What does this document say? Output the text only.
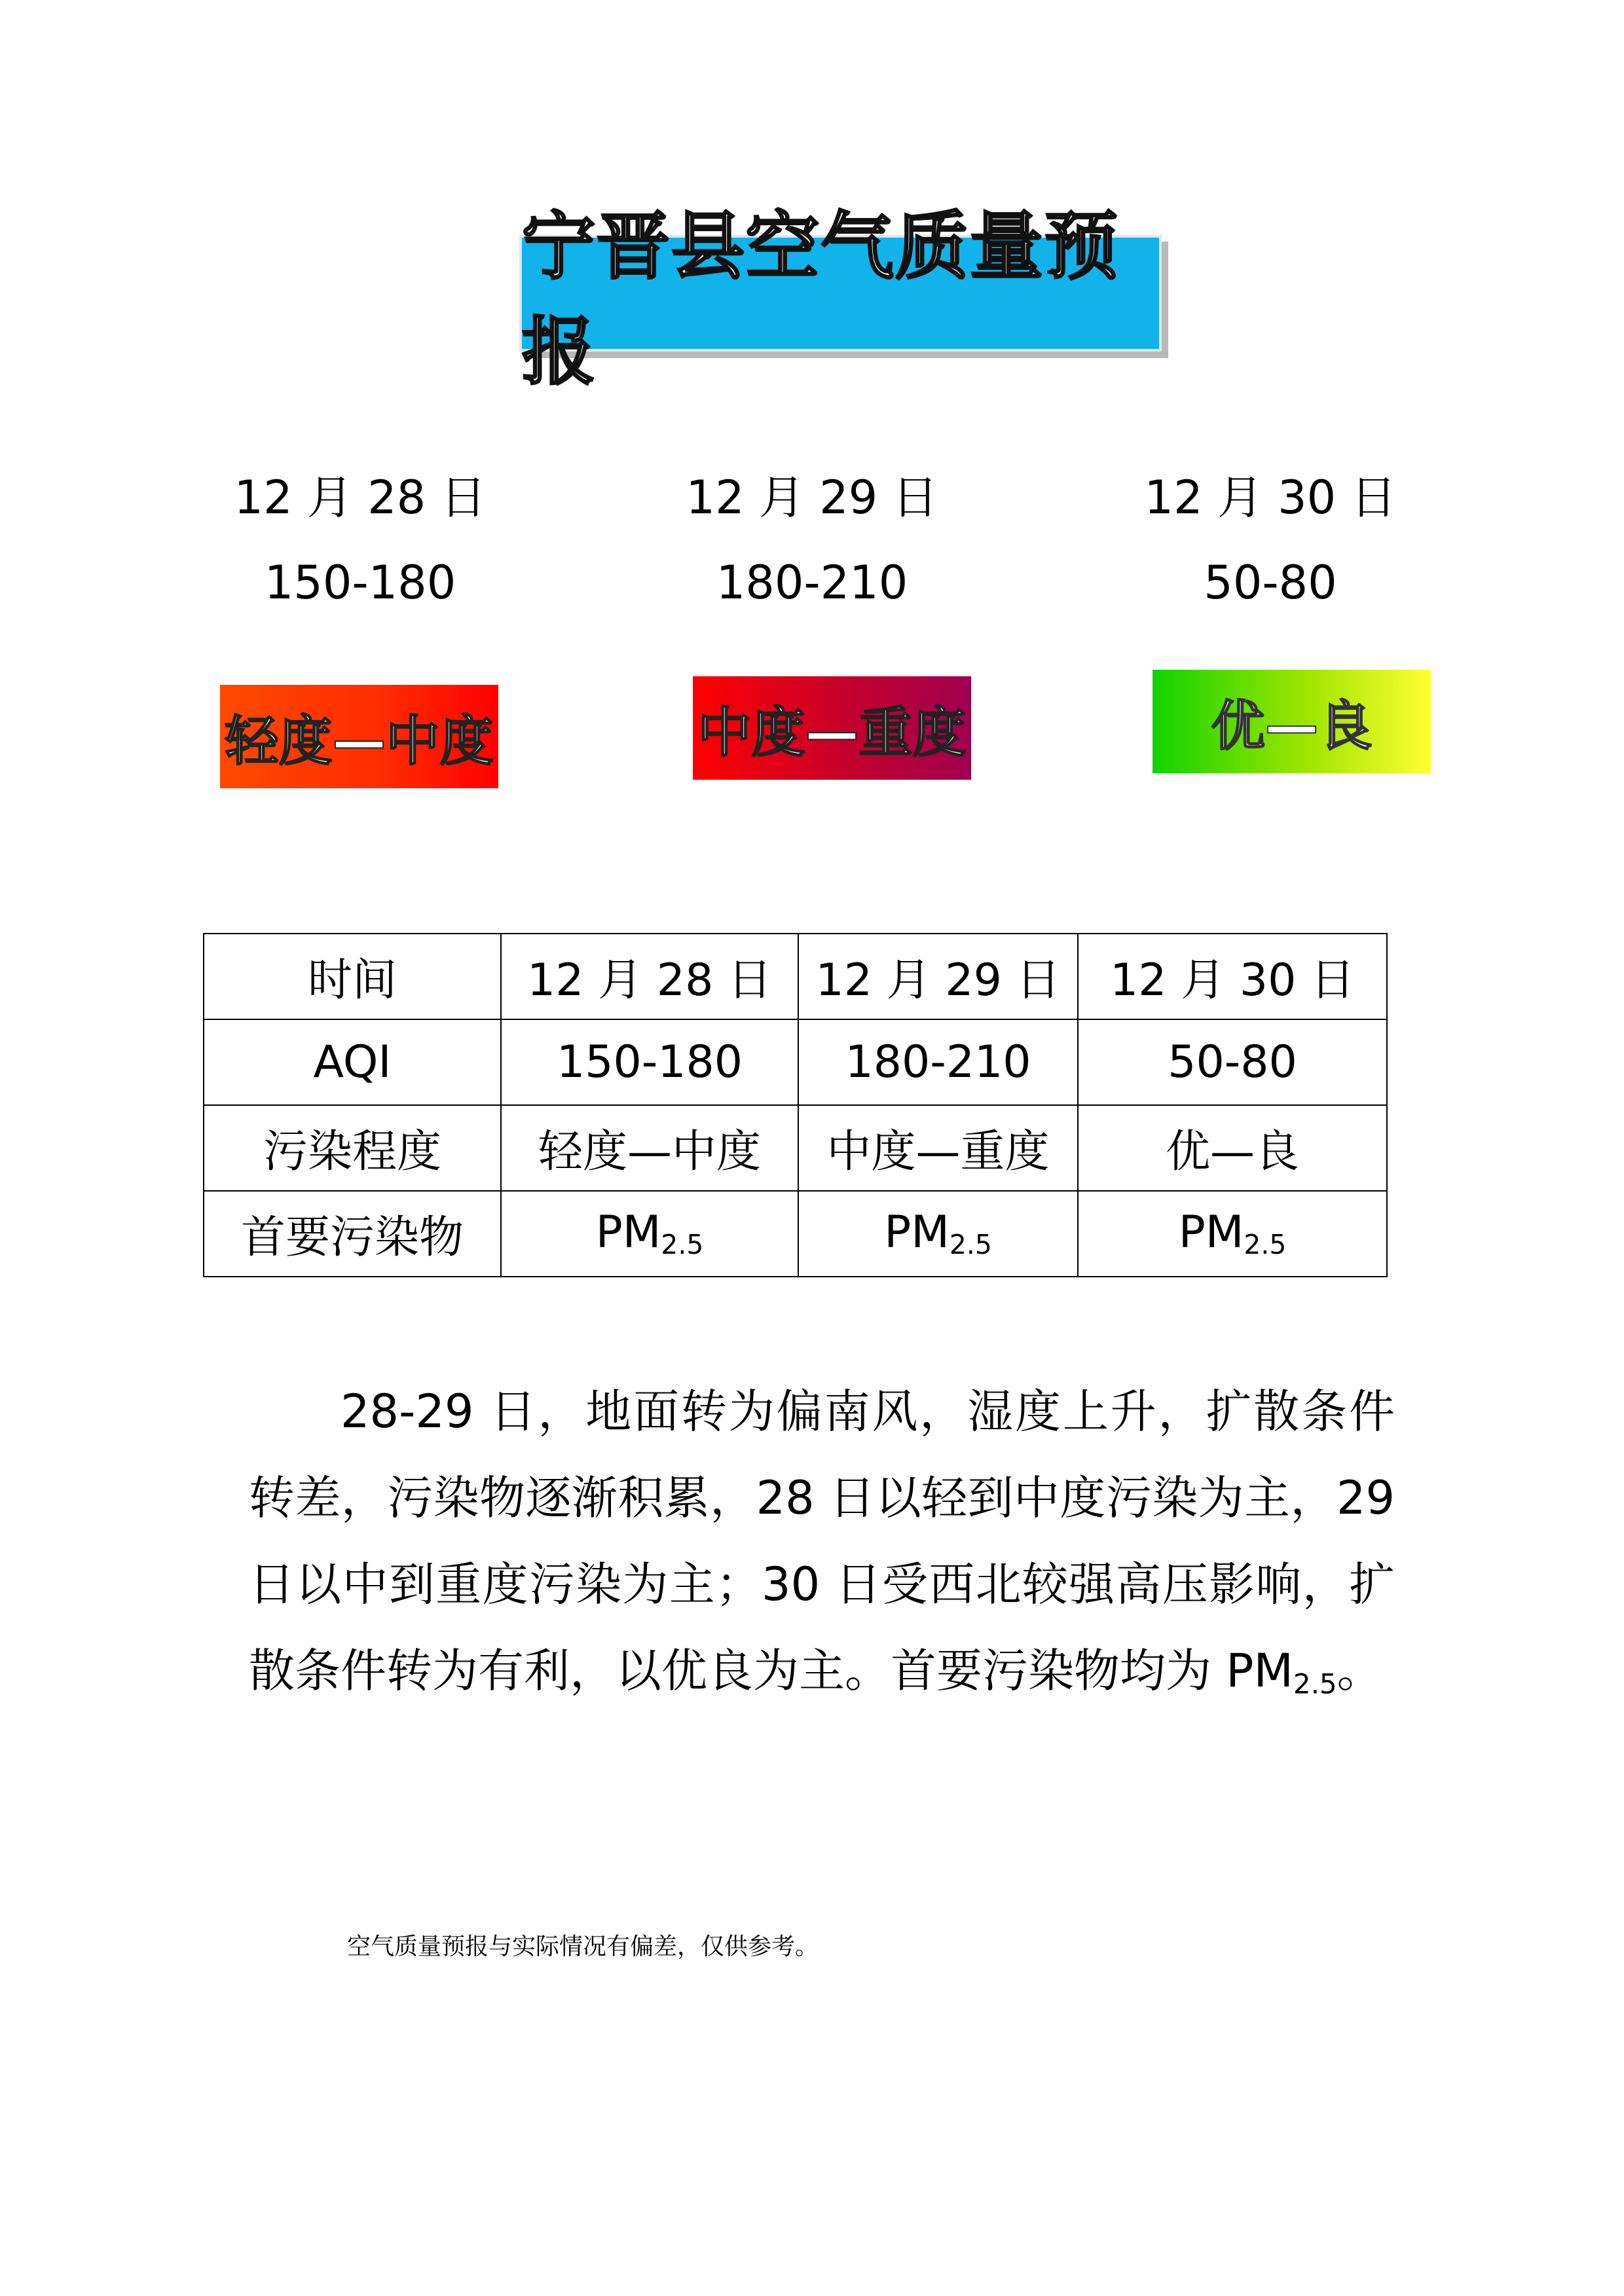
宁晋县空气质量预报
12 月 28 日
150-180
12 月 29 日
180-210
12 月 30 日
50-80
轻度—中度	中度—重度	优—良
时间	12 月 28 日	12 月 29 日	12 月 30 日
AQI	150-180	180-210	50-80
污染程度	轻度—中度	中度—重度	优—良
首要污染物	$PM_{2.5}$	$PM_{2.5}$	$PM_{2.5}$

28-29 日，地面转为偏南风，湿度上升，扩散条件转差，污染物逐渐积累，28 日以轻到中度污染为主，29 日以中到重度污染为主；30 日受西北较强高压影响，扩散条件转为有利，以优良为主。首要污染物均为 $PM_{2.5}$。

空气质量预报与实际情况有偏差，仅供参考。
